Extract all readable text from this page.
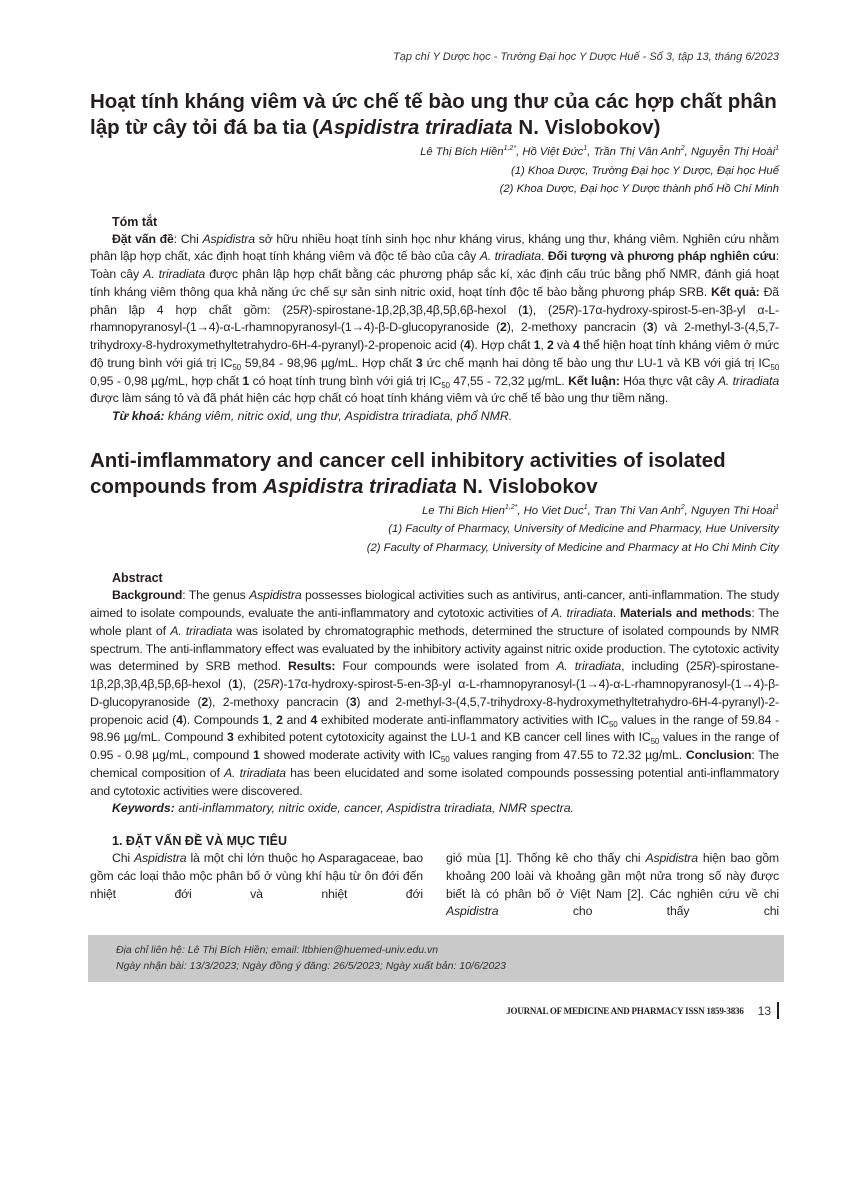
Tạp chí Y Dược học - Trường Đại học Y Dược Huế - Số 3, tập 13, tháng 6/2023
Hoạt tính kháng viêm và ức chế tế bào ung thư của các hợp chất phân lập từ cây tỏi đá ba tia (Aspidistra triradiata N. Vislobokov)
Lê Thị Bích Hiền$^{1,2*}$, Hồ Việt Đức$^1$, Trần Thị Vân Anh$^2$, Nguyễn Thị Hoài$^1$
(1) Khoa Dược, Trường Đại học Y Dược, Đại học Huế
(2) Khoa Dược, Đại học Y Dược thành phố Hồ Chí Minh
Tóm tắt

Đặt vấn đề: Chi Aspidistra sở hữu nhiều hoạt tính sinh học như kháng virus, kháng ung thư, kháng viêm. Nghiên cứu nhằm phân lập hợp chất, xác định hoạt tính kháng viêm và độc tế bào của cây A. triradiata. Đối tượng và phương pháp nghiên cứu: Toàn cây A. triradiata được phân lập hợp chất bằng các phương pháp sắc kí, xác định cấu trúc bằng phổ NMR, đánh giá hoạt tính kháng viêm thông qua khả năng ức chế sự sản sinh nitric oxid, hoạt tính độc tế bào bằng phương pháp SRB. Kết quả: Đã phân lập 4 hợp chất gồm: (25R)-spirostane-1β,2β,3β,4β,5β,6β-hexol (1), (25R)-17α-hydroxy-spirost-5-en-3β-yl α-L-rhamnopyranosyl-(1→4)-α-L-rhamnopyranosyl-(1→4)-β-D-glucopyranoside (2), 2-methoxy pancracin (3) và 2-methyl-3-(4,5,7-trihydroxy-8-hydroxymethyltetrahydro-6H-4-pyranyl)-2-propenoic acid (4). Hợp chất 1, 2 và 4 thể hiện hoạt tính kháng viêm ở mức độ trung bình với giá trị $IC_{50}$ 59,84 - 98,96 µg/mL. Hợp chất 3 ức chế mạnh hai dòng tế bào ung thư LU-1 và KB với giá trị $IC_{50}$ 0,95 - 0,98 µg/mL, hợp chất 1 có hoạt tính trung bình với giá trị $IC_{50}$ 47,55 - 72,32 µg/mL. Kết luận: Hóa thực vật cây A. triradiata được làm sáng tỏ và đã phát hiện các hợp chất có hoạt tính kháng viêm và ức chế tế bào ung thư tiềm năng.

Từ khoá: kháng viêm, nitric oxid, ung thư, Aspidistra triradiata, phổ NMR.

Anti-imflammatory and cancer cell inhibitory activities of isolated compounds from Aspidistra triradiata N. Vislobokov
Le Thi Bich Hien$^{1,2*}$, Ho Viet Duc$^1$, Tran Thi Van Anh$^2$, Nguyen Thi Hoai$^1$
(1) Faculty of Pharmacy, University of Medicine and Pharmacy, Hue University
(2) Faculty of Pharmacy, University of Medicine and Pharmacy at Ho Chi Minh City
Abstract

Background: The genus Aspidistra possesses biological activities such as antivirus, anti-cancer, anti-inflammation. The study aimed to isolate compounds, evaluate the anti-inflammatory and cytotoxic activities of A. triradiata. Materials and methods: The whole plant of A. triradiata was isolated by chromatographic methods, determined the structure of isolated compounds by NMR spectrum. The anti-inflammatory effect was evaluated by the inhibitory activity against nitric oxide production. The cytotoxic activity was determined by SRB method. Results: Four compounds were isolated from A. triradiata, including (25R)-spirostane-1β,2β,3β,4β,5β,6β-hexol (1), (25R)-17α-hydroxy-spirost-5-en-3β-yl α-L-rhamnopyranosyl-(1→4)-α-L-rhamnopyranosyl-(1→4)-β-D-glucopyranoside (2), 2-methoxy pancracin (3) and 2-methyl-3-(4,5,7-trihydroxy-8-hydroxymethyltetrahydro-6H-4-pyranyl)-2-propenoic acid (4). Compounds 1, 2 and 4 exhibited moderate anti-inflammatory activities with $IC_{50}$ values in the range of 59.84 - 98.96 µg/mL. Compound 3 exhibited potent cytotoxicity against the LU-1 and KB cancer cell lines with $IC_{50}$ values in the range of 0.95 - 0.98 µg/mL, compound 1 showed moderate activity with $IC_{50}$ values ranging from 47.55 to 72.32 µg/mL. Conclusion: The chemical composition of A. triradiata has been elucidated and some isolated compounds possessing potential anti-inflammatory and cytotoxic activities were discovered.

Keywords: anti-inflammatory, nitric oxide, cancer, Aspidistra triradiata, NMR spectra.

1. ĐẶT VẤN ĐỀ VÀ MỤC TIÊU

Chi Aspidistra là một chi lớn thuộc họ Asparagaceae, bao gồm các loại thảo mộc phân bố ở vùng khí hậu từ ôn đới đến nhiệt đới và nhiệt đới

gió mùa [1]. Thống kê cho thấy chi Aspidistra hiện bao gồm khoảng 200 loài và khoảng gần một nửa trong số này được biết là có phân bố ở Việt Nam [2]. Các nghiên cứu về chi Aspidistra cho thấy chi

Địa chỉ liên hệ: Lê Thị Bích Hiền; email: ltbhien@huemed-univ.edu.vn
Ngày nhận bài: 13/3/2023; Ngày đồng ý đăng: 26/5/2023; Ngày xuất bản: 10/6/2023
JOURNAL OF MEDICINE AND PHARMACY ISSN 1859-3836 13
